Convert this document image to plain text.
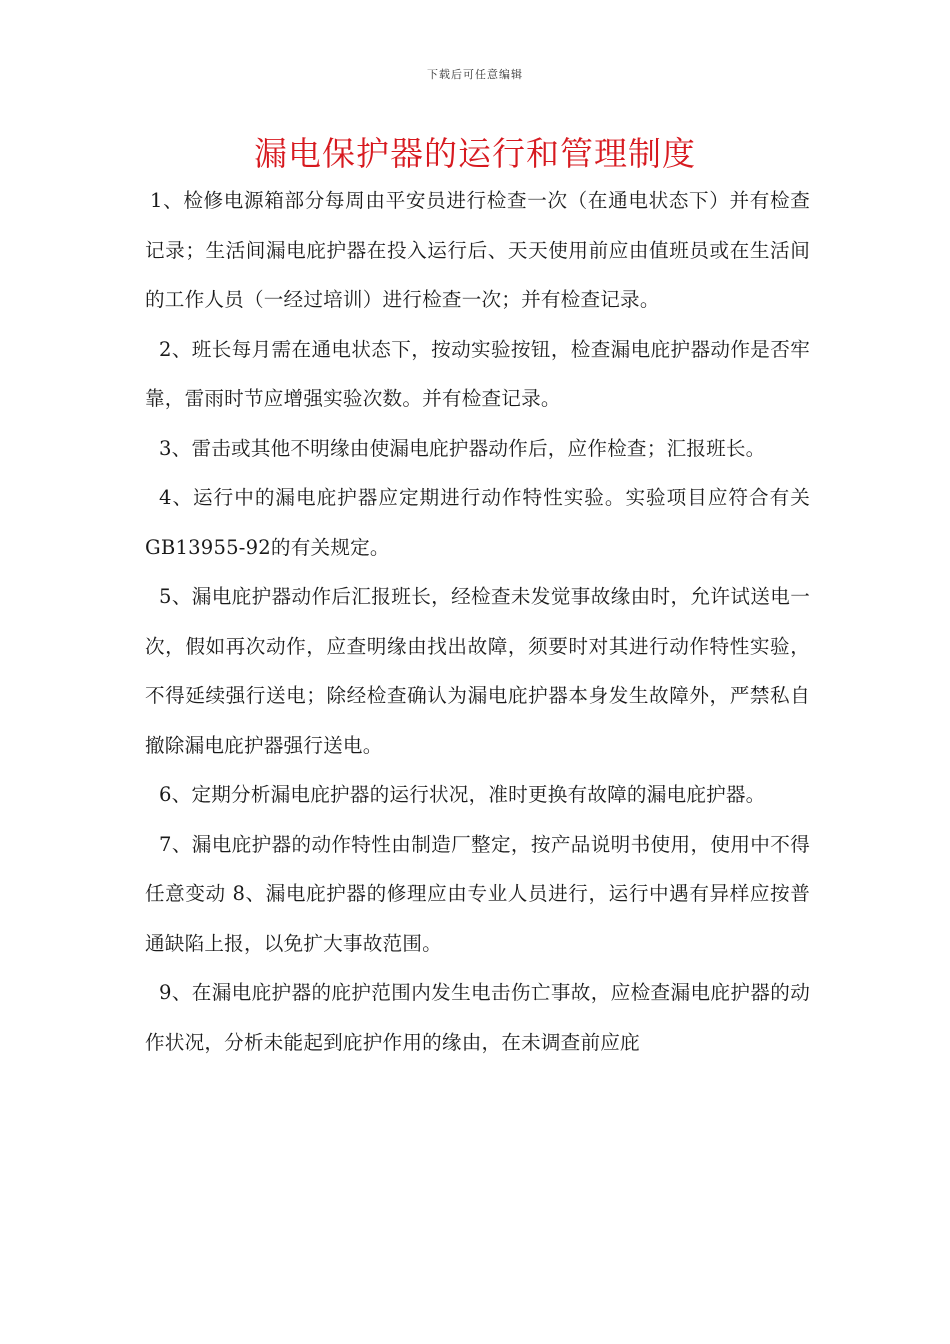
下载后可任意编辑
漏电保护器的运行和管理制度

1、检修电源箱部分每周由平安员进行检查一次（在通电状态下）并有检查记录；生活间漏电庇护器在投入运行后、天天使用前应由值班员或在生活间的工作人员（一经过培训）进行检查一次；并有检查记录。

2、班长每月需在通电状态下，按动实验按钮，检查漏电庇护器动作是否牢靠，雷雨时节应增强实验次数。并有检查记录。

3、雷击或其他不明缘由使漏电庇护器动作后，应作检查；汇报班长。

4、运行中的漏电庇护器应定期进行动作特性实验。实验项目应符合有关GB13955-92的有关规定。

5、漏电庇护器动作后汇报班长，经检查未发觉事故缘由时，允许试送电一次，假如再次动作，应查明缘由找出故障，须要时对其进行动作特性实验，不得延续强行送电；除经检查确认为漏电庇护器本身发生故障外，严禁私自撤除漏电庇护器强行送电。

6、定期分析漏电庇护器的运行状况，准时更换有故障的漏电庇护器。

7、漏电庇护器的动作特性由制造厂整定，按产品说明书使用，使用中不得任意变动 8、漏电庇护器的修理应由专业人员进行，运行中遇有异样应按普通缺陷上报，以免扩大事故范围。

9、在漏电庇护器的庇护范围内发生电击伤亡事故，应检查漏电庇护器的动作状况，分析未能起到庇护作用的缘由，在未调查前应庇
